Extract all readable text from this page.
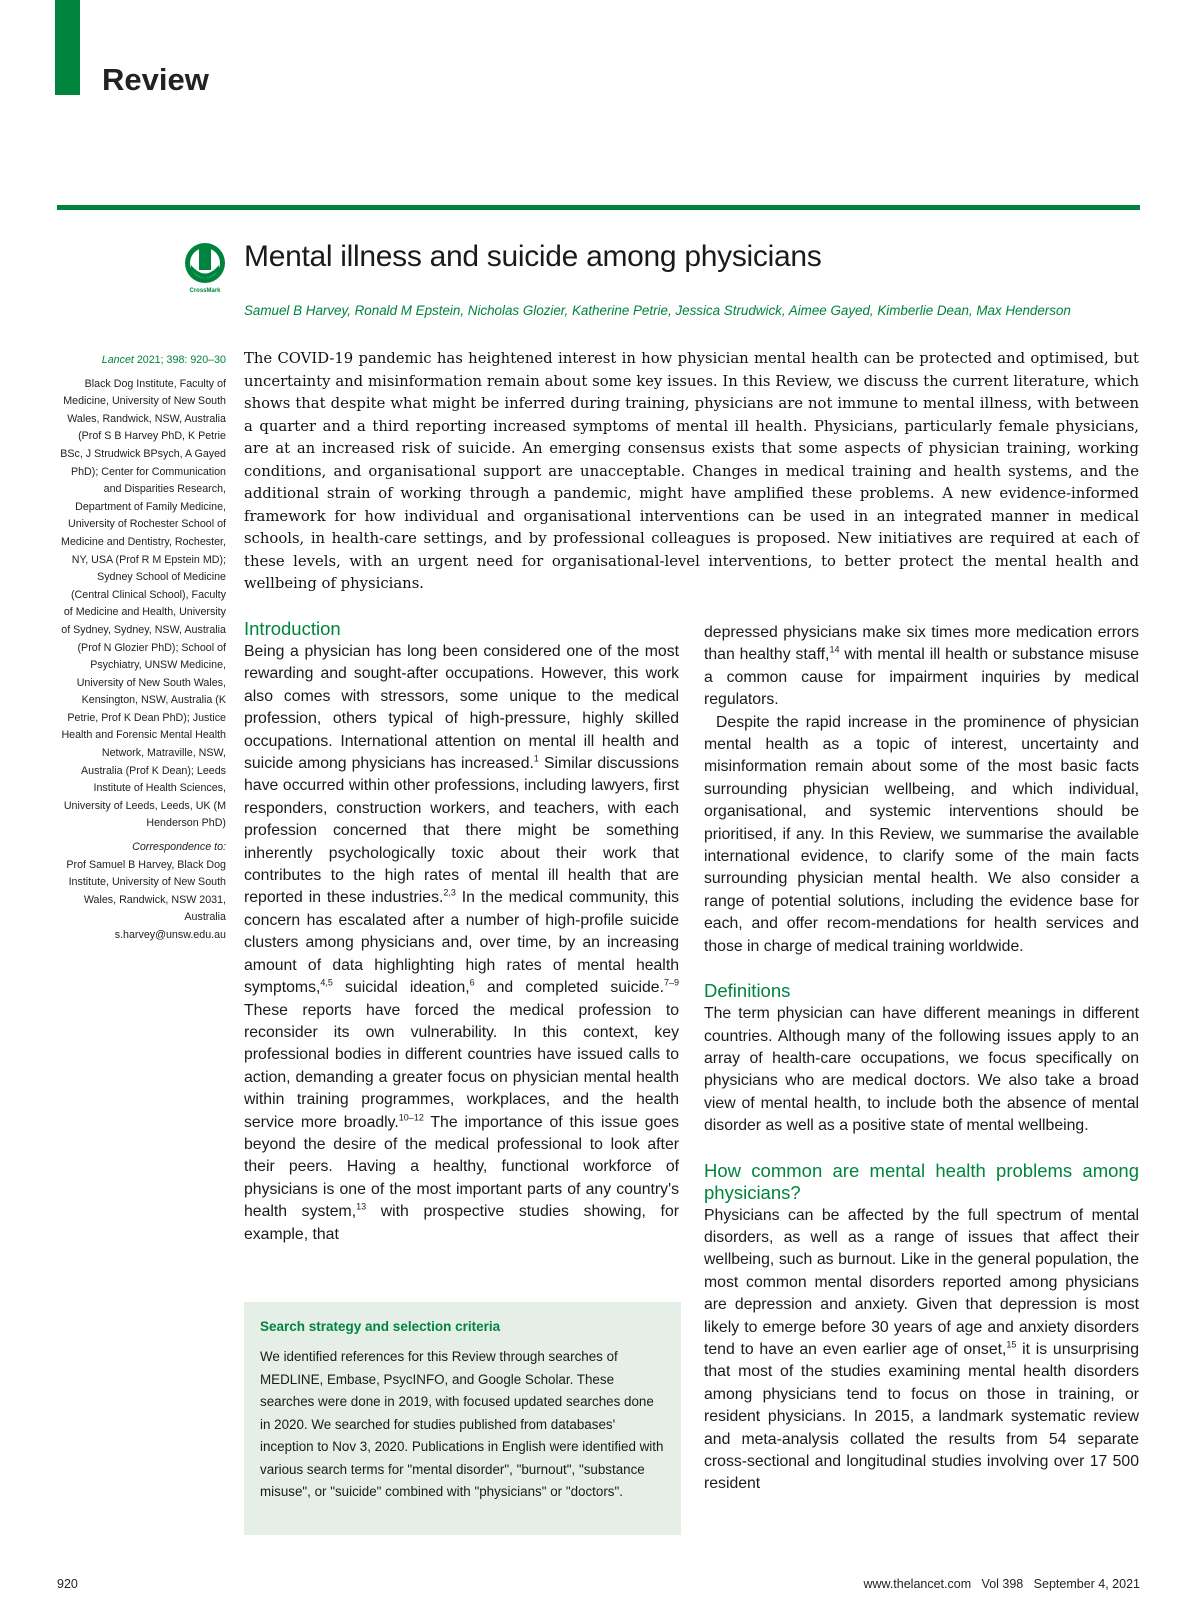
Review
CrossMark
Mental illness and suicide among physicians
Samuel B Harvey, Ronald M Epstein, Nicholas Glozier, Katherine Petrie, Jessica Strudwick, Aimee Gayed, Kimberlie Dean, Max Henderson

Lancet 2021; 398: 920–30

Black Dog Institute, Faculty of Medicine, University of New South Wales, Randwick, NSW, Australia (Prof S B Harvey PhD, K Petrie BSc, J Strudwick BPsych, A Gayed PhD); Center for Communication and Disparities Research, Department of Family Medicine, University of Rochester School of Medicine and Dentistry, Rochester, NY, USA (Prof R M Epstein MD); Sydney School of Medicine (Central Clinical School), Faculty of Medicine and Health, University of Sydney, Sydney, NSW, Australia (Prof N Glozier PhD); School of Psychiatry, UNSW Medicine, University of New South Wales, Kensington, NSW, Australia (K Petrie, Prof K Dean PhD); Justice Health and Forensic Mental Health Network, Matraville, NSW, Australia (Prof K Dean); Leeds Institute of Health Sciences, University of Leeds, Leeds, UK (M Henderson PhD)

Correspondence to:
Prof Samuel B Harvey, Black Dog Institute, University of New South Wales, Randwick, NSW 2031, Australia
s.harvey@unsw.edu.au

The COVID-19 pandemic has heightened interest in how physician mental health can be protected and optimised, but uncertainty and misinformation remain about some key issues. In this Review, we discuss the current literature, which shows that despite what might be inferred during training, physicians are not immune to mental illness, with between a quarter and a third reporting increased symptoms of mental ill health. Physicians, particularly female physicians, are at an increased risk of suicide. An emerging consensus exists that some aspects of physician training, working conditions, and organisational support are unacceptable. Changes in medical training and health systems, and the additional strain of working through a pandemic, might have amplified these problems. A new evidence-informed framework for how individual and organisational interventions can be used in an integrated manner in medical schools, in health-care settings, and by professional colleagues is proposed. New initiatives are required at each of these levels, with an urgent need for organisational-level interventions, to better protect the mental health and wellbeing of physicians.

Introduction

Being a physician has long been considered one of the most rewarding and sought-after occupations. However, this work also comes with stressors, some unique to the medical profession, others typical of high-pressure, highly skilled occupations. International attention on mental ill health and suicide among physicians has increased.$^1$ Similar discussions have occurred within other professions, including lawyers, first responders, construction workers, and teachers, with each profession concerned that there might be something inherently psychologically toxic about their work that contributes to the high rates of mental ill health that are reported in these industries.$^{2,3}$ In the medical community, this concern has escalated after a number of high-profile suicide clusters among physicians and, over time, by an increasing amount of data highlighting high rates of mental health symptoms,$^{4,5}$ suicidal ideation,$^6$ and completed suicide.$^{7-9}$ These reports have forced the medical profession to reconsider its own vulnerability. In this context, key professional bodies in different countries have issued calls to action, demanding a greater focus on physician mental health within training programmes, workplaces, and the health service more broadly.$^{10-12}$ The importance of this issue goes beyond the desire of the medical professional to look after their peers. Having a healthy, functional workforce of physicians is one of the most important parts of any country's health system,$^{13}$ with prospective studies showing, for example, that

depressed physicians make six times more medication errors than healthy staff,$^{14}$ with mental ill health or substance misuse a common cause for impairment inquiries by medical regulators.

Despite the rapid increase in the prominence of physician mental health as a topic of interest, uncertainty and misinformation remain about some of the most basic facts surrounding physician wellbeing, and which individual, organisational, and systemic interventions should be prioritised, if any. In this Review, we summarise the available international evidence, to clarify some of the main facts surrounding physician mental health. We also consider a range of potential solutions, including the evidence base for each, and offer recom-mendations for health services and those in charge of medical training worldwide.

Definitions

The term physician can have different meanings in different countries. Although many of the following issues apply to an array of health-care occupations, we focus specifically on physicians who are medical doctors. We also take a broad view of mental health, to include both the absence of mental disorder as well as a positive state of mental wellbeing.

How common are mental health problems among physicians?

Physicians can be affected by the full spectrum of mental disorders, as well as a range of issues that affect their wellbeing, such as burnout. Like in the general population, the most common mental disorders reported among physicians are depression and anxiety. Given that depression is most likely to emerge before 30 years of age and anxiety disorders tend to have an even earlier age of onset,$^{15}$ it is unsurprising that most of the studies examining mental health disorders among physicians tend to focus on those in training, or resident physicians. In 2015, a landmark systematic review and meta-analysis collated the results from 54 separate cross-sectional and longitudinal studies involving over 17 500 resident

Search strategy and selection criteria

We identified references for this Review through searches of MEDLINE, Embase, PsycINFO, and Google Scholar. These searches were done in 2019, with focused updated searches done in 2020. We searched for studies published from databases' inception to Nov 3, 2020. Publications in English were identified with various search terms for "mental disorder", "burnout", "substance misuse", or "suicide" combined with "physicians" or "doctors".

920	www.thelancet.com   Vol 398   September 4, 2021
